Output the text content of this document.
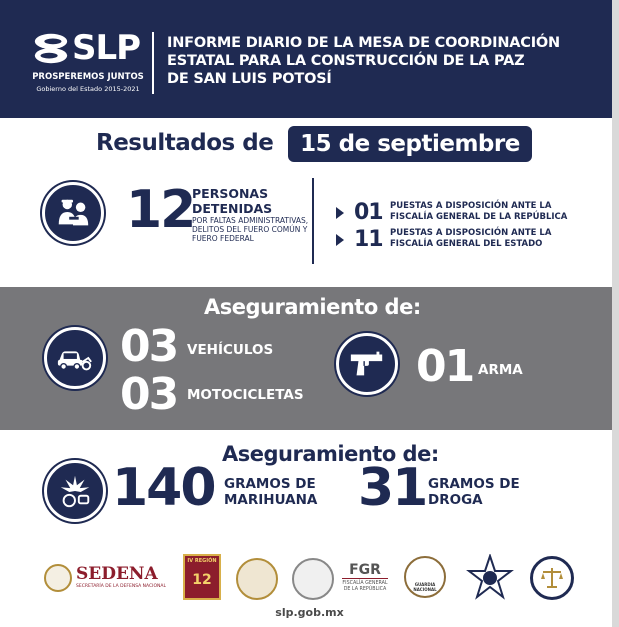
SLP
PROSPEREMOS JUNTOS
Gobierno del Estado 2015-2021
INFORME DIARIO DE LA MESA DE COORDINACIÓN
ESTATAL PARA LA CONSTRUCCIÓN DE LA PAZ
DE SAN LUIS POTOSÍ
Resultados de	15 de septiembre
12
PERSONAS
DETENIDAS
POR FALTAS ADMINISTRATIVAS,
DELITOS DEL FUERO COMÚN Y
FUERO FEDERAL
01 PUESTAS A DISPOSICIÓN ANTE LA
FISCALÍA GENERAL DE LA REPÚBLICA
11 PUESTAS A DISPOSICIÓN ANTE LA
FISCALÍA GENERAL DEL ESTADO
Aseguramiento de:
03 VEHÍCULOS
03 MOTOCICLETAS
01 ARMA
Aseguramiento de:
140 GRAMOS DE
MARIHUANA 31 GRAMOS DE
DROGA
SEDENA
SECRETARÍA DE LA DEFENSA NACIONAL
IV REGIÓN
12
FGR
FISCALÍA GENERAL
DE LA REPÚBLICA
GUARDIA NACIONAL
slp.gob.mx
